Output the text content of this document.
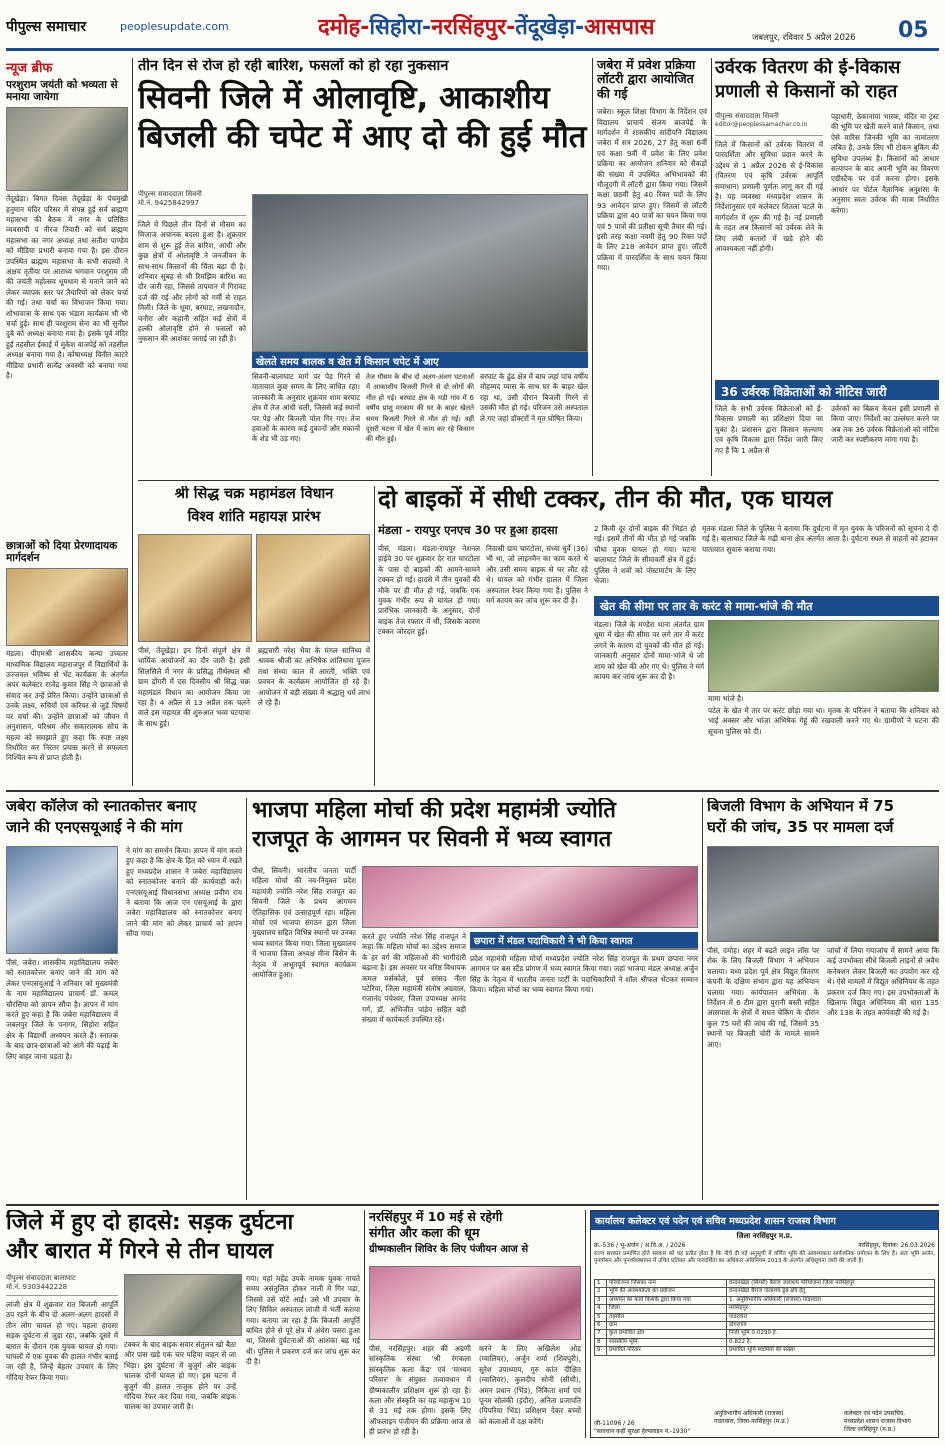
पीपुल्स समाचार	peoplesupdate.com	दमोह-सिहोरा-नरसिंहपुर-तेंदूखेड़ा-आसपास	जबलपुर, रविवार 5 अप्रैल 2026 05
न्यूज ब्रीफ
परशुराम जयंती को भव्यता से मनाया जायेगा
तेंदूखेड़ा। बिगत दिवस तेंदूखेड़ा के पंचमुखी हनुमान मंदिर परिसर में संपन्न हुई सर्व ब्राह्मण महासभा की बैठक में नगर के प्रतिष्ठित व्यवसायी पं नीरज तिवारी को सर्व ब्राह्मण महासभा का नगर अध्यक्ष तथा सतीश पाण्डेय को मीडिया प्रभारी बनाया गया है। इस दौरान उपस्थित ब्राह्मण महासभा के सभी सदस्यों ने अक्षय तृतीया पर आराध्य भगवान परशुराम जी की जयंती महोत्सव धूमधाम से मनाने जाने को लेकर व्यापक स्तर पर तैयारियों को लेकर चर्चा की गई। तथा चर्चा का विभाजन किया गया। शोभायात्रा के साथ एक भंडारा कार्यक्रम भी भी चर्चा हुई। साथ ही परशुराम सेना का भी सुनील दुबे को अध्यक्ष बनाया गया है। इसके पूर्व मंदिर हुई तहसील ईकाई में मुकेश वाजपेई को तहसील अध्यक्ष बनाया गया है। कोषाध्यक्ष विनीत काटरे मीडिया प्रभारी सत्येंद्र अवस्थी को बनाया गया है।
छात्राओं को दिया प्रेरणादायक मार्गदर्शन
मंडला। पीएमश्री शासकीय कन्या उच्चतर माध्यमिक विद्यालय महाराजपुर में विद्यार्थियों के उज्जवल भविष्य से भेंट कार्यक्रम के अंतर्गत अपर कलेक्टर राजेंद्र कुमार सिंह ने छात्राओं से संवाद कर उन्हें प्रेरित किया। उन्होंने छात्राओं से उनके लक्ष्य, रुचियों एवं करियर से जुड़े विषयों पर चर्चा की। उन्होंने छात्राओं को जीवन में अनुशासन, परिश्रम और सकारात्मक सोच के महत्व को समझाते हुए कहा कि स्पष्ट लक्ष्य निर्धारित कर निरंतर प्रयास करने से सफलता निश्चित रूप से प्राप्त होती है।
तीन दिन से रोज हो रही बारिश, फसलों को हो रहा नुकसान
सिवनी जिले में ओलावृष्टि, आकाशीय
बिजली की चपेट में आए दो की हुई मौत
पीपुल्स संवाददाता सिवनी
मो.नं. 9425842997
जिले में पिछले तीन दिनों से मौसम का मिजाज अचानक बदला हुआ है। शुक्रवार शाम से शुरू हुई तेज बारिश, आंधी और कुछ क्षेत्रों में ओलावृष्टि ने जनजीवन के साथ-साथ किसानों की चिंता बढ़ा दी है। शनिवार सुबह से भी रिमझिम बारिश का दौर जारी रहा, जिससे तापमान में गिरावट दर्ज की गई और लोगों को गर्मी से राहत मिली। जिले के धूमा, बरघाट, लखनादौन, घनौरा और कहानी सहित कई क्षेत्रों में हल्की ओलावृष्टि होने से फसलों को नुकसान की आशंका जताई जा रही है।
खेलते समय बालक व खेत में किसान चपेट में आए
सिवनी-बालाघाट मार्ग पर पेड़ गिरने से यातायात कुछ समय के लिए बाधित रहा। जानकारी के अनुसार शुक्रवार शाम बरघाट क्षेत्र में तेज आंधी चली, जिससे कई स्थानों पर पेड़ और बिजली पोल गिर गए। तेज हवाओं के कारण कई दुकानों और मकानों के शेड भी उड़ गए।
तेज मौसम के बीच दो अलग-अलग घटनाओं में आकाशीय बिजली गिरने से दो लोगों की मौत हो गई। बरघाट क्षेत्र के मड़ी गांव में 6 वर्षीय प्रांशु मरकाम की घर के बाहर खेलते समय बिजली गिरने से मौत हो गई। वहीं दूसरी घटना में खेत में काम कर रहे किसान की मौत हुई।
बरघाट के ढुंढ क्षेत्र में बाघ जहां पांच वर्षीय मोहम्मद प्यास के साथ घर के बाहर खेल रहा था, उसी दौरान बिजली गिरने से उसकी मौत हो गई। परिजन उसे अस्पताल ले गए जहां डॉक्टरों ने मृत घोषित किया।
जबेरा में प्रवेश प्रक्रिया लॉटरी द्वारा आयोजित की गई
जबेरा। स्कूल शिक्षा विभाग के निर्देशन एवं विद्यालय प्राचार्य संजय बाजपेई के मार्गदर्शन में शासकीय सांदीपनि विद्यालय जबेरा में सत्र 2026, 27 हेतु कक्षा 6वीं एवं कक्षा 9वीं में प्रवेश के लिए प्रवेश प्रक्रिया का आयोजन शनिवार को सैकड़ों की संख्या में उपस्थित अभिभावकों की मौजूदगी में लॉटरी द्वारा किया गया। जिसमें कक्षा छठवीं हेतु 40 रिक्त पदों के लिए 93 आवेदन प्राप्त हुए। जिसमें से लॉटरी प्रक्रिया द्वारा 40 पात्रों का चयन किया गया एवं 5 पात्रों की प्रतीक्षा सूची तैयार की गई। इसी तरह कक्षा नवमी हेतु 90 रिक्त पदों के लिए 218 आवेदन प्राप्त हुए। लॉटरी प्रक्रिया में पारदर्शिता के साथ चयन किया गया।
उर्वरक वितरण की ई-विकास
प्रणाली से किसानों को राहत
पीपुल्स संवाददाता सिवनी
editor@peoplessamachar.co.in
जिले में किसानों को उर्वरक वितरण में पारदर्शिता और सुविधा प्रदान करने के उद्देश्य से 1 अप्रैल 2026 से ई-विकास (वितरण एवं कृषि उर्वरक आपूर्ति समाधान) प्रणाली पूर्णतः लागू कर दी गई है। यह व्यवस्था मध्यप्रदेश शासन के निर्देशानुसार एवं कलेक्टर शितला पटले के मार्गदर्शन में शुरू की गई है। नई प्रणाली के तहत अब किसानों को उर्वरक लेने के लिए लंबी कतारों में खड़े होने की आवश्यकता नहीं होगी।
पट्टाधारी, ठेकानाया भारक, मंदिर या ट्रस्ट की भूमि पर खेती करने वाले किसान, तथा ऐसे वारिस जिनकी भूमि का नामांतरण लंबित है, उनके लिए भी टोकन बुकिंग की सुविधा उपलब्ध है। किसानों को आधार सत्यापन के बाद अपनी भूमि का विवरण एग्रीस्टैक पर दर्ज करना होगा। इसके आधार पर पोर्टल वैज्ञानिक अनुशंसा के अनुसार स्वतः उर्वरक की मात्रा निर्धारित करेगा।
36 उर्वरक विक्रेताओं को नोटिस जारी
जिले के सभी उर्वरक विक्रेताओं को ई-विकास प्रणाली का प्रशिक्षण दिया जा चुका है। प्रशासन द्वारा किसान कल्याण एवं कृषि विकास द्वारा निर्देश जारी किए गए हैं कि 1 अप्रैल से
उर्वरकों का बिक्रय केवल इसी प्रणाली से किया जाए। निर्देशों का उल्लंघन करने पर अब तक 36 उर्वरक विक्रेताओं को नोटिस जारी कर स्पष्टीकरण मांगा गया है।
श्री सिद्ध चक्र महामंडल विधान
विश्व शांति महायज्ञ प्रारंभ
पीसं, तेंदूखेड़ा। इन दिनों संपूर्ण क्षेत्र में धार्मिक आयोजनों का दौर जारी है। इसी सिलसिले में नगर के प्रसिद्ध तीर्थस्थल श्री ग्राम डोंगरी में दस दिवसीय श्री सिद्ध चक्र महामंडल विधान का आयोजन किया जा रहा है। 4 अप्रैल से 13 अप्रैल तक चलने वाले इस महायज्ञ की शुरुआत भव्य घटयात्रा के साथ हुई।
ब्रह्मचारी नरेश भैया के मंगल सानिध्य में श्रावक श्रीजी का अभिषेक शांतिधारा पूजन तथा संध्या काल में आरती, भक्ति एवं प्रवचन के कार्यक्रम आयोजित हो रहे हैं। आयोजन में बड़ी संख्या में श्रद्धालु धर्म लाभ ले रहे हैं।
दो बाइकों में सीधी टक्कर, तीन की मौत, एक घायल
मंडला - रायपुर एनएच 30 पर हुआ हादसा
पीसं, मंडला। मंडला-रायपुर नेशनल हाईवे 30 पर शुक्रवार देर रात चारटोला के पास दो बाइकों की आमने-सामने टक्कर हो गई। हादसे में तीन युवकों की मौके पर ही मौत हो गई, जबकि एक युवक गंभीर रूप से घायल हो गया। प्रारंभिक जानकारी के अनुसार, दोनों बाइक तेज रफ्तार में थीं, जिसके कारण टक्कर जोरदार हुई।
निवासी ग्राम चारटोला, संध्या धुर्वे (36) भी था, जो लाइनमैन का काम करते थे और उसी समय बाइक से घर लौट रहे थे। घायल को गंभीर हालत में जिला अस्पताल रेफर किया गया है। पुलिस ने मर्ग कायम कर जांच शुरू कर दी है।
2 किमी दूर दोनों बाइक की भिड़ंत हो गई। इसमें तीनों की मौत हो गई जबकि चौथा युवक घायल हो गया। घटना बालाघाट जिले के सीमावर्ती क्षेत्र में हुई। पुलिस ने शवों को पोस्टमार्टम के लिए भेजा।
मृतक मंडला जिले के पुलिस ने बताया कि दुर्घटना में मृत युवक के परिजनों को सूचना दे दी गई है। बालाघाट जिले के गढ़ी थाना क्षेत्र अंतर्गत आता है। दुर्घटना स्थल से वाहनों को हटाकर यातायात सुचारु कराया गया।
खेत की सीमा पर तार के करंट से मामा-भांजे की मौत
मंडला। जिले के मण्डेरा थाना अंतर्गत ग्राम धूमा में खेत की सीमा पर लगे तार में करंट लगने के कारण दो युवकों की मौत हो गई। जानकारी अनुसार दोनों मामा-भांजे थे जो शाम को खेत की ओर गए थे। पुलिस ने मर्ग कायम कर जांच शुरू कर दी है।
मामा भांजे है।
पटेल के खेत में तार पर करंट छोड़ा गया था। मृतक के परिजन ने बताया कि शनिवार को भाई अक्सर और भांजा अभिषेक गेहूं की रखवाली करने गए थे। ग्रामीणों ने घटना की सूचना पुलिस को दी।
जबेरा कॉलेज को स्नातकोत्तर बनाए
जाने की एनएसयूआई ने की मांग
पीसं, जबेरा। शासकीय महाविद्यालय जबेरा को स्नातकोत्तर बनाए जाने की मांग को लेकर एनएसयूआई ने शनिवार को मुख्यमंत्री के नाम महाविद्यालय प्राचार्य डॉ. कमल चौरसिया को ज्ञापन सौंपा है। ज्ञापन में मांग करते हुए कहा है कि जबेरा महाविद्यालय में जबलपुर जिले के पनागर, सिहोरा सहित क्षेत्र के विद्यार्थी अध्ययन करते हैं। स्नातक के बाद छात्र-छात्राओं को आगे की पढ़ाई के लिए बाहर जाना पड़ता है।
ने मांग का समर्थन किया। ज्ञापन में मांग करते हुए कहा है कि क्षेत्र के हित को ध्यान में रखते हुए मध्यप्रदेश शासन ने जबेरा महाविद्यालय को स्नातकोत्तर बनाने की कार्यवाही करें। एनएसयूआई विधानसभा अध्यक्ष प्रवीण राय ने बताया कि आज एन एसयूआई के द्वारा जबेरा महाविद्यालय को स्नातकोत्तर बनाए जाने की मांग को लेकर प्राचार्य को ज्ञापन सौंपा गया।
भाजपा महिला मोर्चा की प्रदेश महामंत्री ज्योति
राजपूत के आगमन पर सिवनी में भव्य स्वागत
पीसं, सिवनी। भारतीय जनता पार्टी महिला मोर्चा की नव-नियुक्त प्रदेश महामंत्री ज्योति नरेश सिंह राजपूत का सिवनी जिले के प्रथम आगमन ऐतिहासिक एवं उत्साहपूर्ण रहा। महिला मोर्चा एवं भाजपा संगठन द्वारा जिला मुख्यालय सहित विभिन्न स्थानों पर उनका भव्य स्वागत किया गया। जिला मुख्यालय में भाजपा जिला अध्यक्ष मीना बिसेन के नेतृत्व में अभूतपूर्व स्वागत कार्यक्रम आयोजित हुआ।
करते हुए ज्योति नरेश सिंह राजपूत ने कहा कि महिला मोर्चा का उद्देश्य समाज के हर वर्ग की महिलाओं की भागीदारी बढ़ाना है। इस अवसर पर वरिष्ठ विधायक कमल मर्सकोले, पूर्व सांसद नीता पटेरिया, जिला महामंत्री संतोष अग्रवाल, गजानंद पंचेश्वर, जिला उपाध्यक्ष आनंद गर्ग, डॉ. अभिजीत पांडेय सहित बड़ी संख्या में कार्यकर्ता उपस्थित रहे।
छपारा में मंडल पदाधिकारी ने भी किया स्वागत
प्रदेश महामंत्री महिला मोर्चा मध्यप्रदेश ज्योति नरेश सिंह राजपूत के प्रथम छपारा नगर आगमन पर बस स्टैंड प्रांगण में भव्य स्वागत किया गया। जहां भाजपा मंडल अध्यक्ष अर्जुन सिंह के नेतृत्व में भारतीय जनता पार्टी के पदाधिकारियों ने शॉल श्रीफल भेंटकर सम्मान किया। महिला मोर्चा का भव्य स्वागत किया गया।
बिजली विभाग के अभियान में 75
घरों की जांच, 35 पर मामला दर्ज
पीसं, दमोह। शहर में बढ़ते लाइन लॉस पर रोक के लिए बिजली विभाग ने अभियान चलाया। मध्य प्रदेश पूर्व क्षेत्र विद्युत वितरण कंपनी के दक्षिण संभाग द्वारा यह अभियान चलाया गया। कार्यपालन अभियंता के निर्देशन में 6 टीम द्वारा पुरानी बस्ती सहित आसपास के क्षेत्रों में सघन चेकिंग के दौरान कुल 75 घरों की जांच की गई, जिसमें 35 स्थानों पर बिजली चोरी के मामले सामने आए।
जांचों में लिया गयाजांच में सामने आया कि कई उपभोक्ता सीधे बिजली लाइनों से अवैध कनेक्शन लेकर बिजली का उपयोग कर रहे थे। ऐसे मामलों में विद्युत अधिनियम के तहत प्रकरण दर्ज किए गए। इस उपभोक्ताओं के खिलाफ विद्युत अधिनियम की धारा 135 और 138 के तहत कार्यवाही की गई है।
जिले में हुए दो हादसे: सड़क दुर्घटना
और बारात में गिरने से तीन घायल
पीपुल्स संवाददाता बालाघाट
मो.नं. 9303442228
लांजी क्षेत्र में शुक्रवार रात बिजली आपूर्ति ठप रहने के बीच दो अलग-अलग हादसों में तीन लोग घायल हो गए। पहला हादसा सड़क दुर्घटना से जुड़ा रहा, जबकि दूसरे में बारात के दौरान एक युवक घायल हो गया। घायलों में एक युवक की हालत गंभीर बताई जा रही है, जिन्हें बेहतर उपचार के लिए गोंदिया रेफर किया गया।
टक्कर के बाद बाइक सवार संतुलन खो बैठा और पास खड़े एक चार पहिया वाहन से जा भिड़ा। इस दुर्घटना में बुजुर्ग और बाइक चालक दोनों घायल हो गए। इस घटना में बुजुर्ग की हालत नाजुक होने पर उन्हें गोंदिया रेफर कर दिया गया, जबकि बाइक चालक का उपचार जारी है।
गया। यहां महेंद्र उपके नामक युवक नाचते समय असंतुलित होकर नाली में गिर पड़ा, जिससे उसे चोटें आईं। उसे भी उपचार के लिए सिविल अस्पताल लांजी में भर्ती कराया गया। बताया जा रहा है कि बिजली आपूर्ति बाधित होने से पूरे क्षेत्र में अंधेरा पसरा हुआ था, जिससे दुर्घटनाओं की आशंका बढ़ गई थी। पुलिस ने प्रकरण दर्ज कर जांच शुरू कर दी है।
नरसिंहपुर में 10 मई से रहेगी
संगीत और कला की धूम
ग्रीष्मकालीन शिविर के लिए पंजीयन आज से
पीसं, नरसिंहपुर। शहर की अग्रणी सांस्कृतिक संस्था 'श्री रंगकला सांस्कृतिक कला केंद्र' एवं 'माध्यम परिवार' के संयुक्त तत्वावधान में ग्रीष्मकालीन प्रशिक्षण शुरू हो रहा है। कला और संस्कृति का यह महाकुंभ 10 से 31 मई तक होगा। इसके लिए ऑफलाइन पंजीयन की प्रक्रिया आज से ही प्रारंभ हो रही है।
करने के लिए अखिलेश ओड़ (ग्वालियर), अर्जुन शर्मा (शिवपुरी), सुरेश उपाध्याय, गुरु कांत दीक्षित (ग्वालियर), कुलदीप सोनी (सीधी), अमन प्रधान (भिंड), निकिता शर्मा एवं पूनम सोलंकी (इंदौर), अनिता प्रजापति (पिपरिया भिंड) प्रशिक्षण देकर बच्चों को कलाओं में दक्ष करेंगे।
कार्यालय कलेक्टर एवं पदेन एवं सचिव मध्यप्रदेश शासन राजस्व विभाग
जिला नरसिंहपुर म.प्र.
क्र.-536 / भू-अर्जन / अ.वि.अ. / 2026	नरसिंहपुर, दिनांक: 26.03.2026
राज्य सरकार प्रमाणित होते सरकार को यह प्रतीत होता है कि नीचे दी गई अनुसूची में वर्णित भूमि की आवश्यकता सार्वजनिक प्रयोजन के लिए है। अतः भूमि अर्जन, पुनर्वासन और पुनर्व्यवस्थापन में उचित प्रतिकर और पारदर्शिता का अधिकार अधिनियम 2013 के अंतर्गत अधिसूचना जारी की जाती है।
1	परियोजना जिसका नाम	चन्दनखेड़ा (सिमरी) बैराज जलाशय परियोजना जिला नरसिंहपुर
2	भूमि की आवश्यकता का प्रयोजन	चन्दनखेड़ा बैराज जलाशय डूब क्षेत्र हेतु
3	अध्ययन का कार्य किसके द्वारा किया गया	1. अनुविभागीय अधिकारी (राजस्व) गाडरवारा
4	जिला	नरसिंहपुर
5	तहसील	गाडरवारा
6	ग्राम	डोंगरगांव
7	कुल प्रभावित क्षेत्र	निजी भूमि 0.0290 हे.
8	शासकीय भूमि	0.822 हे.
9	प्रभावित परिवार	प्रभावित भूमि स्वामियों की संख्या
जी-11096 / 26
"सावधान कहीं सुरक्षा हेल्पलाइन नं.-1930"
अनुविभागीय अधिकारी (राजस्व)
गाडरवारा, जिला-नरसिंहपुर (म.प्र.)
कलेक्टर एवं पदेन उपसचिव,
मध्यप्रदेश शासन राजस्व विभाग
जिला नरसिंहपुर (म.प्र.)
